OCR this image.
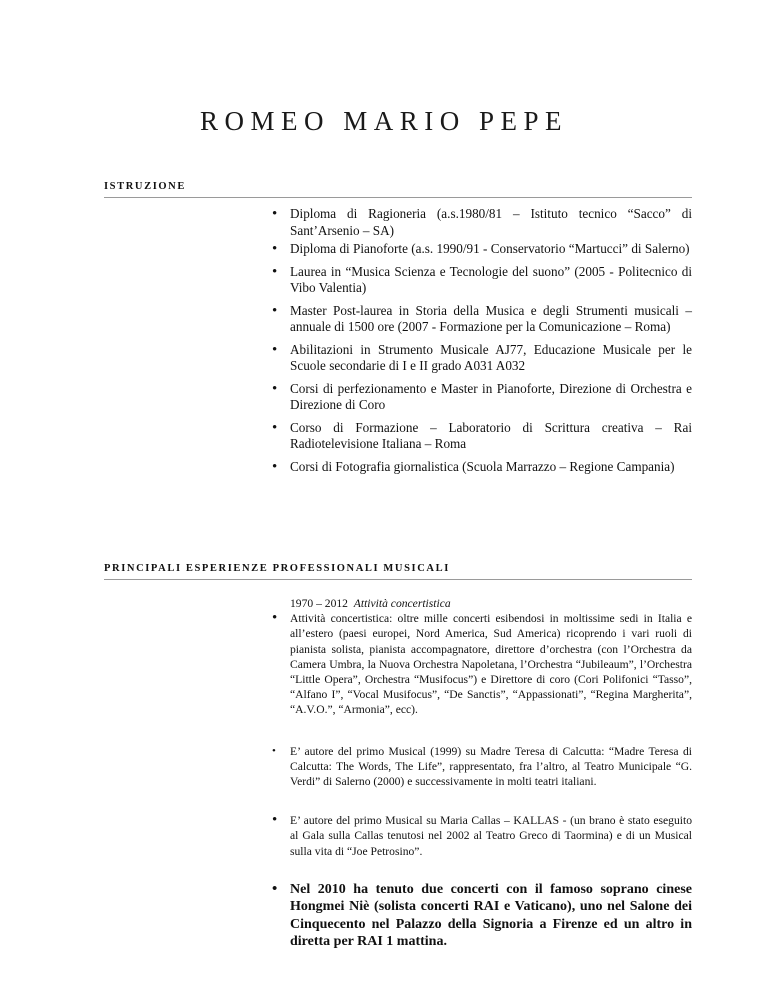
ROMEO MARIO PEPE
ISTRUZIONE
• Diploma di Ragioneria (a.s.1980/81 – Istituto tecnico “Sacco” di Sant’Arsenio – SA)
• Diploma di Pianoforte (a.s. 1990/91 - Conservatorio “Martucci” di Salerno)
• Laurea in “Musica Scienza e Tecnologie del suono” (2005 - Politecnico di Vibo Valentia)
• Master Post-laurea in Storia della Musica e degli Strumenti musicali – annuale di 1500 ore (2007 - Formazione per la Comunicazione – Roma)
• Abilitazioni in Strumento Musicale AJ77, Educazione Musicale per le Scuole secondarie di I e II grado A031 A032
• Corsi di perfezionamento e Master in Pianoforte, Direzione di Orchestra e Direzione di Coro
• Corso di Formazione – Laboratorio di Scrittura creativa – Rai Radiotelevisione Italiana – Roma
• Corsi di Fotografia giornalistica (Scuola Marrazzo – Regione Campania)
PRINCIPALI ESPERIENZE PROFESSIONALI MUSICALI
1970 – 2012 Attività concertistica
• Attività concertistica: oltre mille concerti esibendosi in moltissime sedi in Italia e all’estero (paesi europei, Nord America, Sud America) ricoprendo i vari ruoli di pianista solista, pianista accompagnatore, direttore d’orchestra (con l’Orchestra da Camera Umbra, la Nuova Orchestra Napoletana, l’Orchestra “Jubileaum”, l’Orchestra “Little Opera”, Orchestra “Musifocus”) e Direttore di coro (Cori Polifonici “Tasso”, “Alfano I”, “Vocal Musifocus”, “De Sanctis”, “Appassionati”, “Regina Margherita”, “A.V.O.”, “Armonia”, ecc).
• E’ autore del primo Musical (1999) su Madre Teresa di Calcutta: “Madre Teresa di Calcutta: The Words, The Life”, rappresentato, fra l’altro, al Teatro Municipale “G. Verdi” di Salerno (2000) e successivamente in molti teatri italiani.
• E’ autore del primo Musical su Maria Callas – KALLAS - (un brano è stato eseguito al Gala sulla Callas tenutosi nel 2002 al Teatro Greco di Taormina) e di un Musical sulla vita di “Joe Petrosino”.
• Nel 2010 ha tenuto due concerti con il famoso soprano cinese Hongmei Niè (solista concerti RAI e Vaticano), uno nel Salone dei Cinquecento nel Palazzo della Signoria a Firenze ed un altro in diretta per RAI 1 mattina.
